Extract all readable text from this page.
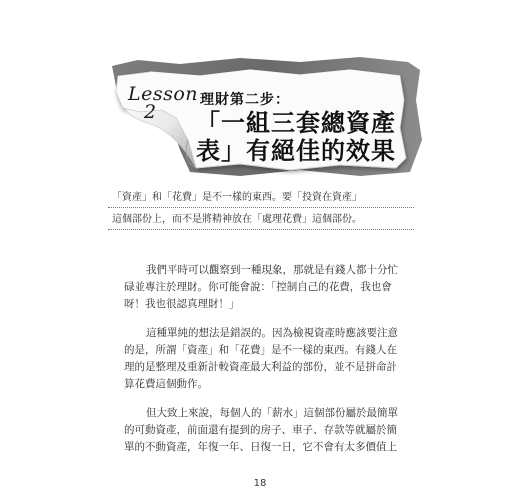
Lesson
2
理財第二步：
「一組三套總資產
表」有絕佳的效果
「資產」和「花費」是不一樣的東西。要「投資在資產」
這個部份上，而不是將精神放在「處理花費」這個部份。

我們平時可以觀察到一種現象，那就是有錢人都十分忙
碌並專注於理財。你可能會說：「控制自己的花費，我也會
呀！我也很認真理財！」

這種單純的想法是錯誤的。因為檢視資產時應該要注意
的是，所謂「資產」和「花費」是不一樣的東西。有錢人在
理的是整理及重新計較資產最大利益的部份，並不是拼命計
算花費這個動作。

但大致上來說，每個人的「薪水」這個部份屬於最簡單
的可動資產，前面還有提到的房子、車子、存款等就屬於簡
單的不動資產，年復一年、日復一日，它不會有太多價值上

18
